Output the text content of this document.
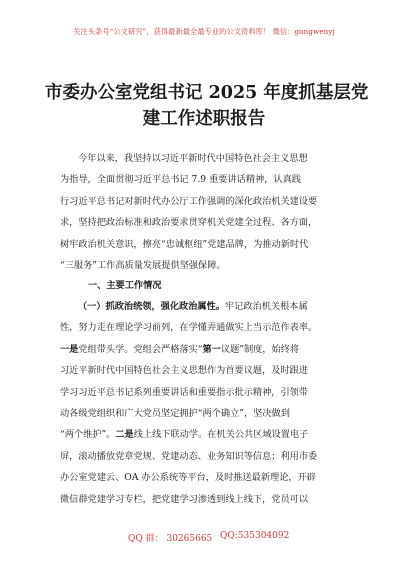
关注头条号“公文研究”，获得最新最全最专业的公文资料库！ 微信：gongwenyj
市委办公室党组书记 2025 年度抓基层党
建工作述职报告
今年以来，我坚持以习近平新时代中国特色社会主义思想
为指导，全面贯彻习近平总书记 7.9 重要讲话精神，认真践
行习近平总书记对新时代办公厅工作强调的深化政治机关建设要
求，坚持把政治标准和政治要求贯穿机关党建全过程、各方面，
树牢政治机关意识，擦亮“忠诚枢纽”党建品牌，为推动新时代
“三服务”工作高质量发展提供坚强保障。
一、主要工作情况
（一）抓政治统领，强化政治属性。牢记政治机关根本属
性，努力走在理论学习前列，在学懂弄通做实上当示范作表率。
一是党组带头学。党组会严格落实“第一议题”制度，始终将
习近平新时代中国特色社会主义思想作为首要议题，及时跟进
学习习近平总书记系列重要讲话和重要指示批示精神，引领带
动各级党组织和广大党员坚定拥护“两个确立”，坚决做到
“两个维护”。二是线上线下联动学。在机关公共区域设置电子
屏，滚动播放党章党规、党建动态、业务知识等信息；利用市委
办公室党建云、OA 办公系统等平台，及时推送最新理论，开辟
微信群党建学习专栏，把党建学习渗透到线上线下，党员可以
QQ 群： 30265665 QQ:535304092
